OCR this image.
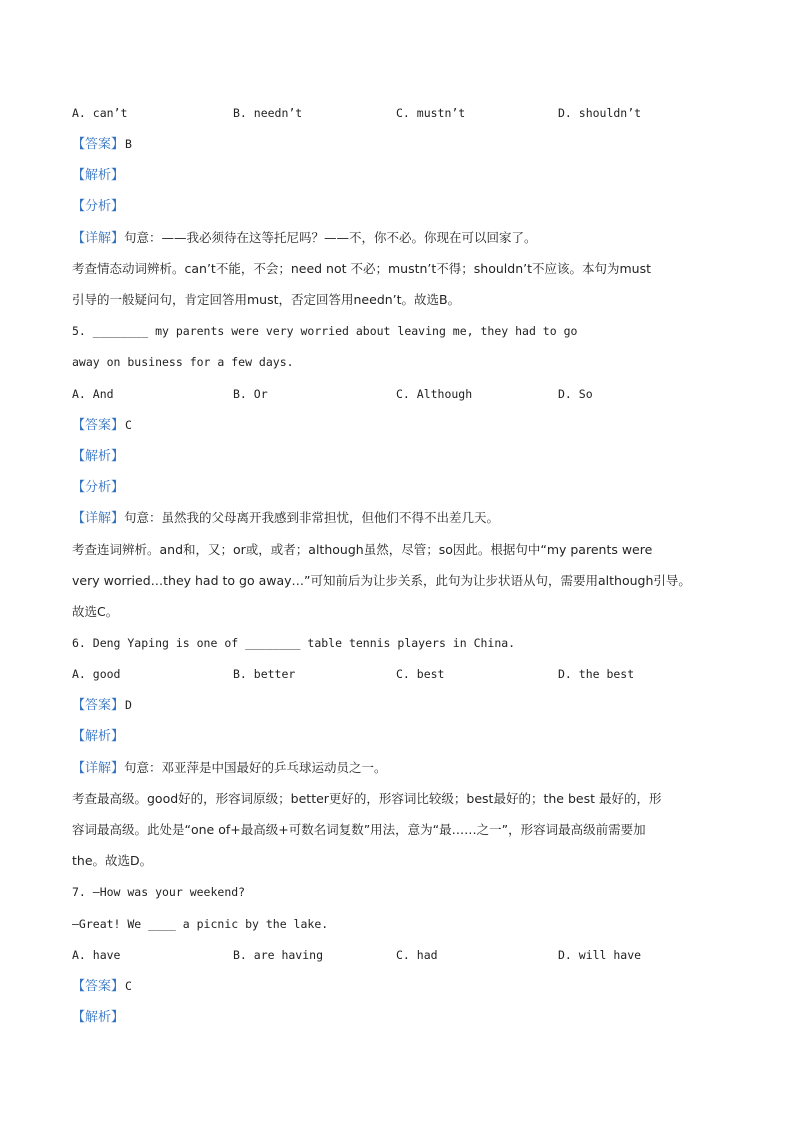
A. can’t	B. needn’t	C. mustn’t	D. shouldn’t
【答案】B
【解析】
【分析】
【详解】句意：——我必须待在这等托尼吗？——不，你不必。你现在可以回家了。
考查情态动词辨析。can’t不能，不会；need not 不必；mustn’t不得；shouldn’t不应该。本句为must
引导的一般疑问句，肯定回答用must，否定回答用needn’t。故选B。
5. ________ my parents were very worried about leaving me, they had to go
away on business for a few days.
A. And	B. Or	C. Although	D. So
【答案】C
【解析】
【分析】
【详解】句意：虽然我的父母离开我感到非常担忧，但他们不得不出差几天。
考查连词辨析。and和，又；or或，或者；although虽然，尽管；so因此。根据句中“my parents were
very worried…they had to go away…”可知前后为让步关系，此句为让步状语从句，需要用although引导。
故选C。
6. Deng Yaping is one of ________ table tennis players in China.
A. good	B. better	C. best	D. the best
【答案】D
【解析】
【详解】句意：邓亚萍是中国最好的乒乓球运动员之一。
考查最高级。good好的，形容词原级；better更好的，形容词比较级；best最好的；the best 最好的，形
容词最高级。此处是“one of+最高级+可数名词复数”用法，意为“最……之一”，形容词最高级前需要加
the。故选D。
7. —How was your weekend?
—Great! We ____ a picnic by the lake.
A. have	B. are having	C. had	D. will have
【答案】C
【解析】
